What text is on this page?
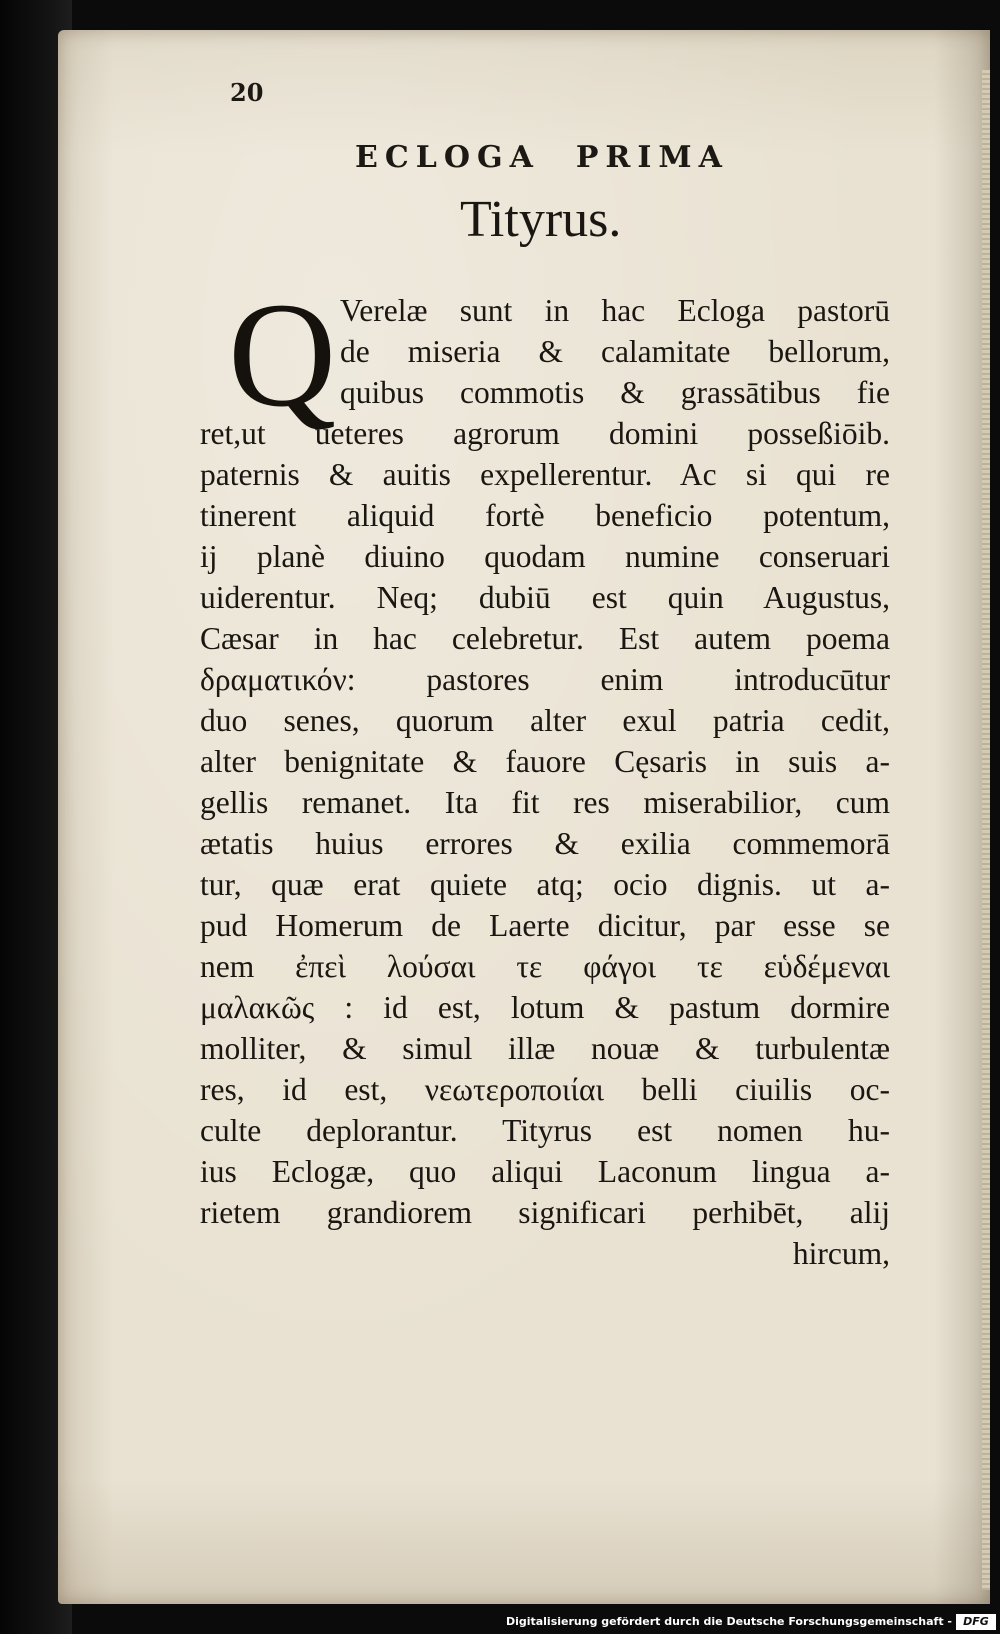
20
ECLOGA PRIMA
Tityrus.
Q Verelæ sunt in hac Ecloga pastorū
de miseria & calamitate bellorum,
quibus commotis & grassātibus fie
ret,ut ueteres agrorum domini posseßiōib.
paternis & auitis expellerentur. Ac si qui re
tinerent aliquid fortè beneficio potentum,
ij planè diuino quodam numine conseruari
uiderentur. Neq; dubiū est quin Augustus,
Cæsar in hac celebretur. Est autem poema
δραματικόν: pastores enim introducūtur
duo senes, quorum alter exul patria cedit,
alter benignitate & fauore Cęsaris in suis a-
gellis remanet. Ita fit res miserabilior, cum
ætatis huius errores & exilia commemorā
tur, quæ erat quiete atq; ocio dignis. ut a-
pud Homerum de Laerte dicitur, par esse se
nem ἐπεὶ λούσαι τε φάγοι τε εὑδέμεναι
μαλακῶς : id est, lotum & pastum dormire
molliter, & simul illæ nouæ & turbulentæ
res, id est, νεωτεροποιίαι belli ciuilis oc-
culte deplorantur. Tityrus est nomen hu-
ius Eclogæ, quo aliqui Laconum lingua a-
rietem grandiorem significari perhibēt, alij
hircum,
Digitalisierung gefördert durch die Deutsche Forschungsgemeinschaft -	DFG
